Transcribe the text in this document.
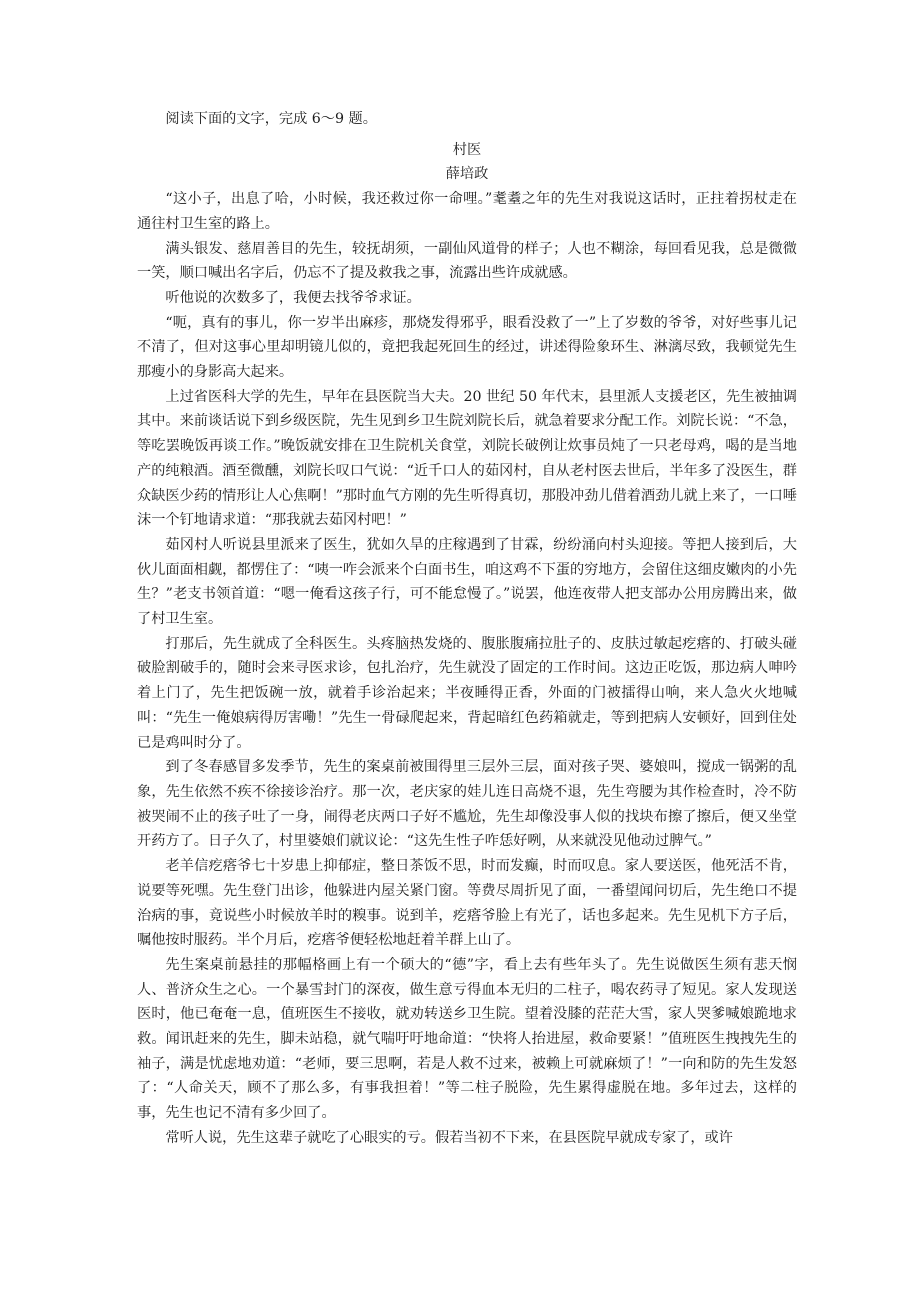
阅读下面的文字，完成 6～9 题。

村医

薛培政

“这小子，出息了哈，小时候，我还救过你一命哩。”耄耋之年的先生对我说这话时，正拄着拐杖走在通往村卫生室的路上。

满头银发、慈眉善目的先生，较抚胡须，一副仙风道骨的样子；人也不糊涂，每回看见我，总是微微一笑，顺口喊出名字后，仍忘不了提及救我之事，流露出些许成就感。

听他说的次数多了，我便去找爷爷求证。

“呃，真有的事儿，你一岁半出麻疹，那烧发得邪乎，眼看没救了一”上了岁数的爷爷，对好些事儿记不清了，但对这事心里却明镜儿似的，竟把我起死回生的经过，讲述得险象环生、淋漓尽致，我顿觉先生那瘦小的身影高大起来。

上过省医科大学的先生，早年在县医院当大夫。20 世纪 50 年代末，县里派人支援老区，先生被抽调其中。来前谈话说下到乡级医院，先生见到乡卫生院刘院长后，就急着要求分配工作。刘院长说：“不急，等吃罢晚饭再谈工作。”晚饭就安排在卫生院机关食堂，刘院长破例让炊事员炖了一只老母鸡，喝的是当地产的纯粮酒。酒至微醺，刘院长叹口气说：“近千口人的茹冈村，自从老村医去世后，半年多了没医生，群众缺医少药的情形让人心焦啊！”那时血气方刚的先生听得真切，那股冲劲儿借着酒劲儿就上来了，一口唾沫一个钉地请求道：“那我就去茹冈村吧！”

茹冈村人听说县里派来了医生，犹如久旱的庄稼遇到了甘霖，纷纷涌向村头迎接。等把人接到后，大伙儿面面相觑，都愣住了：“咦一咋会派来个白面书生，咱这鸡不下蛋的穷地方，会留住这细皮嫩肉的小先生？”老支书领首道：“嗯一俺看这孩子行，可不能怠慢了。”说罢，他连夜带人把支部办公用房腾出来，做了村卫生室。

打那后，先生就成了全科医生。头疼脑热发烧的、腹胀腹痛拉肚子的、皮肤过敏起疙瘩的、打破头碰破脸割破手的，随时会来寻医求诊，包扎治疗，先生就没了固定的工作时间。这边正吃饭，那边病人呻吟着上门了，先生把饭碗一放，就着手诊治起来；半夜睡得正香，外面的门被擂得山响，来人急火火地喊叫：“先生一俺娘病得厉害嘞！”先生一骨碌爬起来，背起暗红色药箱就走，等到把病人安顿好，回到住处已是鸡叫时分了。

到了冬春感冒多发季节，先生的案桌前被围得里三层外三层，面对孩子哭、婆娘叫，搅成一锅粥的乱象，先生依然不疾不徐接诊治疗。那一次，老庆家的娃儿连日高烧不退，先生弯腰为其作检查时，冷不防被哭闹不止的孩子吐了一身，闹得老庆两口子好不尴尬，先生却像没事人似的找块布擦了擦后，便又坐堂开药方了。日子久了，村里婆娘们就议论：“这先生性子咋恁好咧，从来就没见他动过脾气。”

老羊信疙瘩爷七十岁患上抑郁症，整日茶饭不思，时而发癫，时而叹息。家人要送医，他死活不肯，说要等死嘿。先生登门出诊，他躲进内屋关紧门窗。等费尽周折见了面，一番望闻问切后，先生绝口不提治病的事，竟说些小时候放羊时的糗事。说到羊，疙瘩爷脸上有光了，话也多起来。先生见机下方子后，嘱他按时服药。半个月后，疙瘩爷便轻松地赶着羊群上山了。

先生案桌前悬挂的那幅格画上有一个硕大的“德”字，看上去有些年头了。先生说做医生须有悲天悯人、普济众生之心。一个暴雪封门的深夜，做生意亏得血本无归的二柱子，喝农药寻了短见。家人发现送医时，他已奄奄一息，值班医生不接收，就劝转送乡卫生院。望着没膝的茫茫大雪，家人哭爹喊娘跪地求救。闻讯赶来的先生，脚未站稳，就气喘吁吁地命道：“快将人抬进屋，救命要紧！”值班医生拽拽先生的袖子，满是忧虑地劝道：“老师，要三思啊，若是人救不过来，被赖上可就麻烦了！”一向和防的先生发怒了：“人命关天，顾不了那么多，有事我担着！”等二柱子脱险，先生累得虚脱在地。多年过去，这样的事，先生也记不清有多少回了。

常听人说，先生这辈子就吃了心眼实的亏。假若当初不下来，在县医院早就成专家了，或许
